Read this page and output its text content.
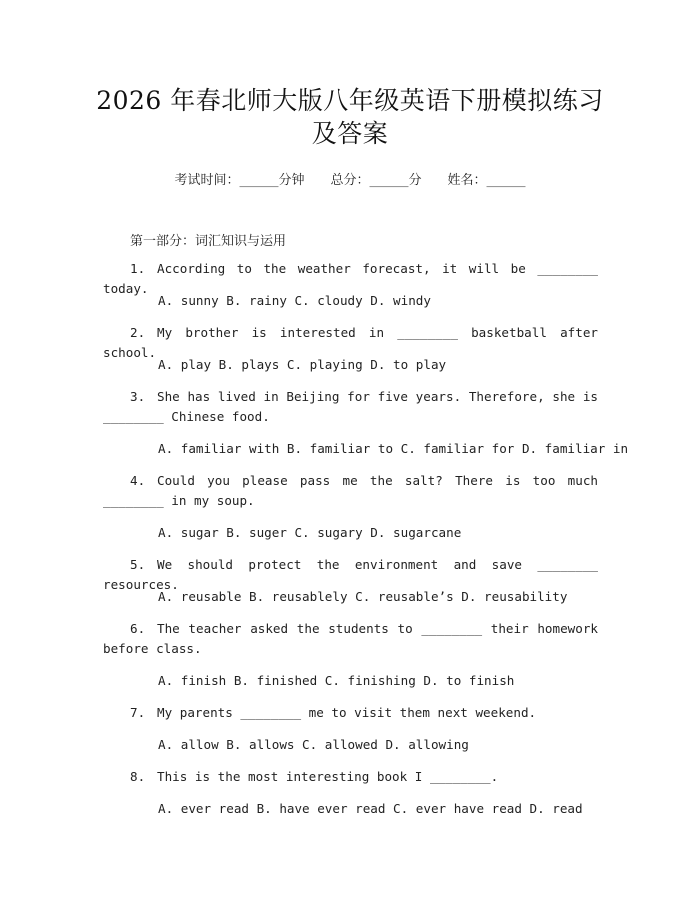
2026 年春北师大版八年级英语下册模拟练习
及答案
考试时间：______分钟 总分：______分 姓名：______
第一部分：词汇知识与运用
1. According to the weather forecast, it will be ________ today.
A. sunny B. rainy C. cloudy D. windy
2. My brother is interested in ________ basketball after school.
A. play B. plays C. playing D. to play
3. She has lived in Beijing for five years. Therefore, she is ________ Chinese food.
A. familiar with B. familiar to C. familiar for D. familiar in
4. Could you please pass me the salt? There is too much ________ in my soup.
A. sugar B. suger C. sugary D. sugarcane
5. We should protect the environment and save ________ resources.
A. reusable B. reusablely C. reusable’s D. reusability
6. The teacher asked the students to ________ their homework before class.
A. finish B. finished C. finishing D. to finish
7. My parents ________ me to visit them next weekend.
A. allow B. allows C. allowed D. allowing
8. This is the most interesting book I ________.
A. ever read B. have ever read C. ever have read D. read
